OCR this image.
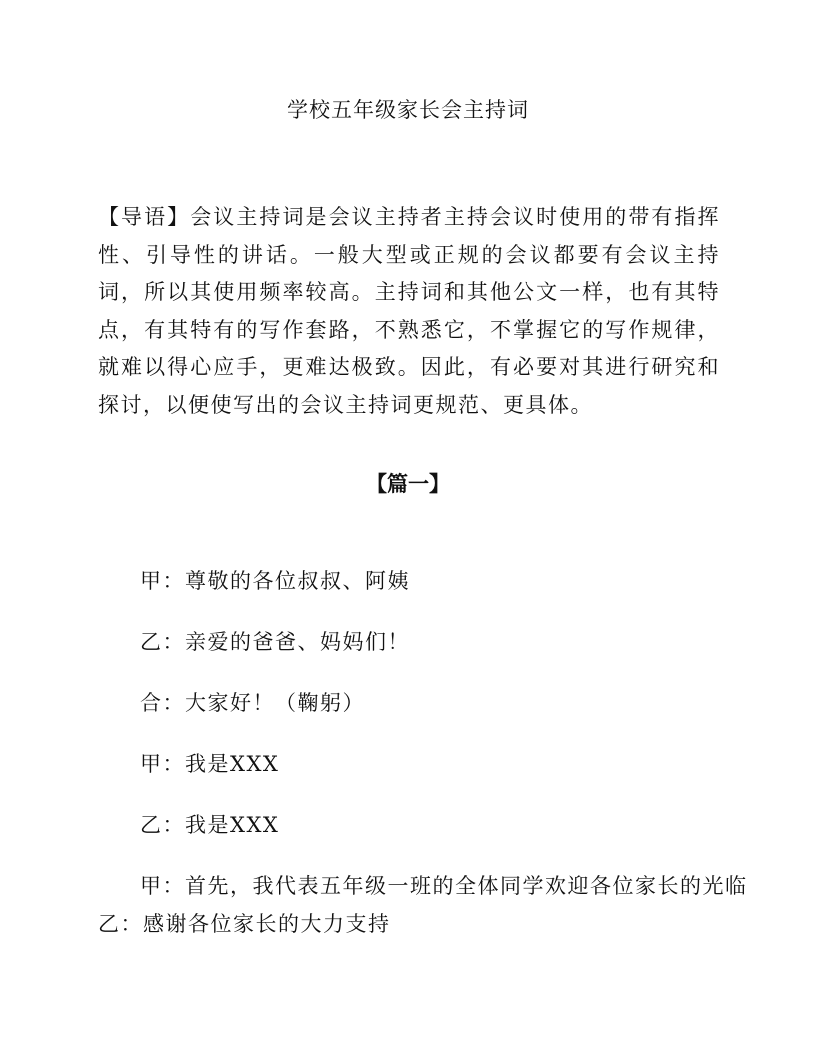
学校五年级家长会主持词
【导语】会议主持词是会议主持者主持会议时使用的带有指挥性、引导性的讲话。一般大型或正规的会议都要有会议主持词，所以其使用频率较高。主持词和其他公文一样，也有其特点，有其特有的写作套路，不熟悉它，不掌握它的写作规律，就难以得心应手，更难达极致。因此，有必要对其进行研究和探讨，以便使写出的会议主持词更规范、更具体。
【篇一】
甲：尊敬的各位叔叔、阿姨
乙：亲爱的爸爸、妈妈们！
合：大家好！（鞠躬）
甲：我是XXX
乙：我是XXX
甲：首先，我代表五年级一班的全体同学欢迎各位家长的光临
乙：感谢各位家长的大力支持
